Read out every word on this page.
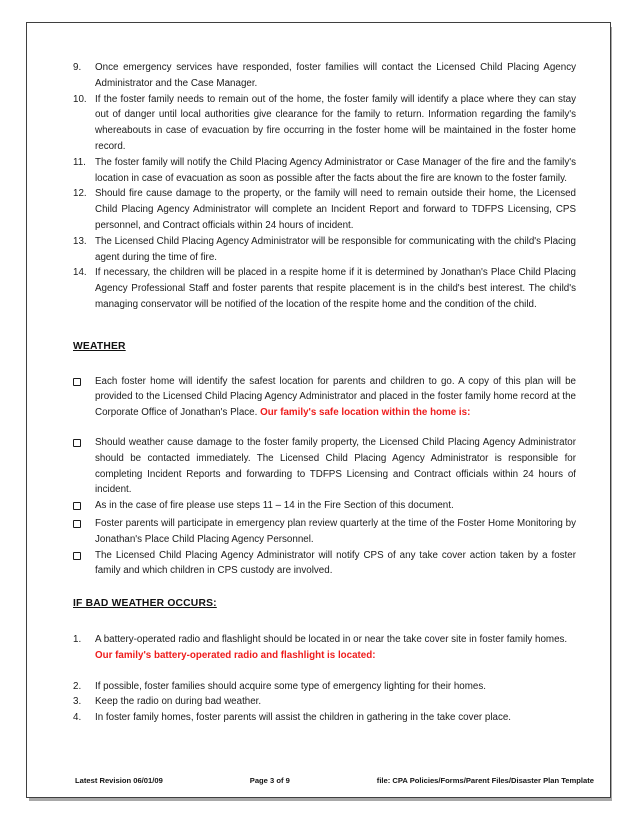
9.	Once emergency services have responded, foster families will contact the Licensed Child Placing Agency Administrator and the Case Manager.
10. If the foster family needs to remain out of the home, the foster family will identify a place where they can stay out of danger until local authorities give clearance for the family to return. Information regarding the family's whereabouts in case of evacuation by fire occurring in the foster home will be maintained in the foster home record.
11. The foster family will notify the Child Placing Agency Administrator or Case Manager of the fire and the family's location in case of evacuation as soon as possible after the facts about the fire are known to the foster family.
12. Should fire cause damage to the property, or the family will need to remain outside their home, the Licensed Child Placing Agency Administrator will complete an Incident Report and forward to TDFPS Licensing, CPS personnel, and Contract officials within 24 hours of incident.
13. The Licensed Child Placing Agency Administrator will be responsible for communicating with the child's Placing agent during the time of fire.
14. If necessary, the children will be placed in a respite home if it is determined by Jonathan's Place Child Placing Agency Professional Staff and foster parents that respite placement is in the child's best interest. The child's managing conservator will be notified of the location of the respite home and the condition of the child.
WEATHER
Each foster home will identify the safest location for parents and children to go. A copy of this plan will be provided to the Licensed Child Placing Agency Administrator and placed in the foster family home record at the Corporate Office of Jonathan's Place. Our family's safe location within the home is:
Should weather cause damage to the foster family property, the Licensed Child Placing Agency Administrator should be contacted immediately. The Licensed Child Placing Agency Administrator is responsible for completing Incident Reports and forwarding to TDFPS Licensing and Contract officials within 24 hours of incident.
As in the case of fire please use steps 11 – 14 in the Fire Section of this document.
Foster parents will participate in emergency plan review quarterly at the time of the Foster Home Monitoring by Jonathan's Place Child Placing Agency Personnel.
The Licensed Child Placing Agency Administrator will notify CPS of any take cover action taken by a foster family and which children in CPS custody are involved.
IF BAD WEATHER OCCURS:
1.	A battery-operated radio and flashlight should be located in or near the take cover site in foster family homes.
Our family's battery-operated radio and flashlight is located:
2.	If possible, foster families should acquire some type of emergency lighting for their homes.
3.	Keep the radio on during bad weather.
4.	In foster family homes, foster parents will assist the children in gathering in the take cover place.
Latest Revision 06/01/09	Page 3 of 9	file: CPA Policies/Forms/Parent Files/Disaster Plan Template
